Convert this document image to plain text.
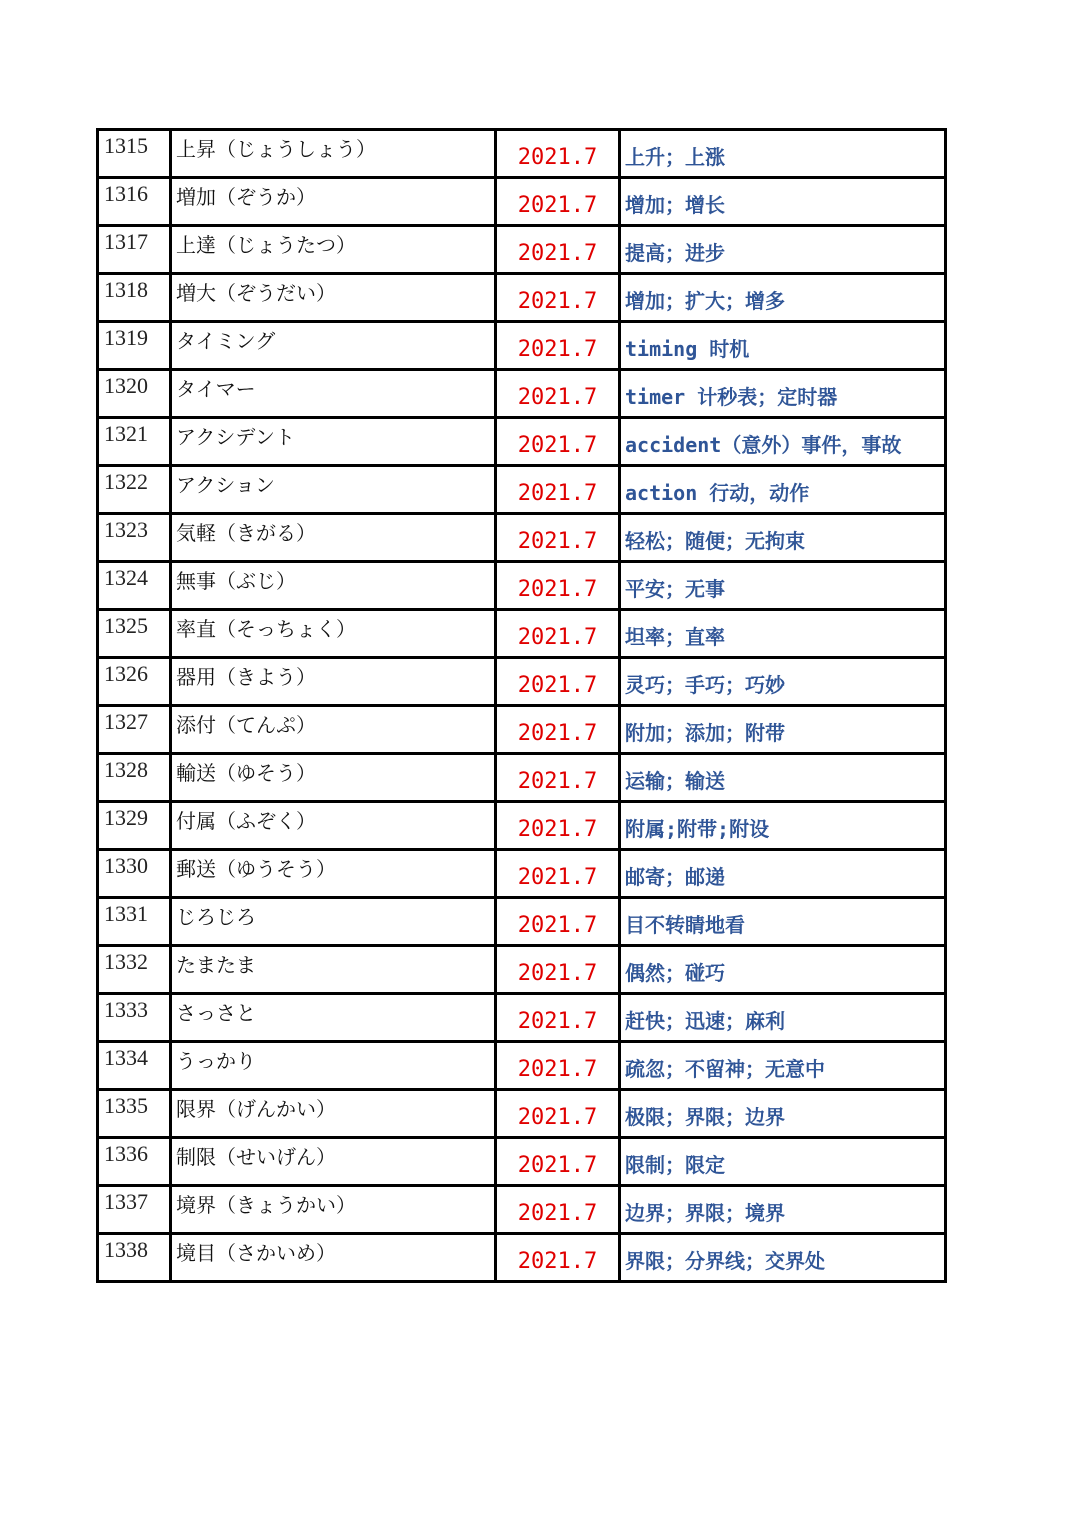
1315	上昇（じょうしょう）	2021.7	上升；上涨
1316	増加（ぞうか）	2021.7	增加；增长
1317	上達（じょうたつ）	2021.7	提高；进步
1318	増大（ぞうだい）	2021.7	增加；扩大；增多
1319	タイミング	2021.7	timing 时机
1320	タイマー	2021.7	timer 计秒表；定时器
1321	アクシデント	2021.7	accident（意外）事件，事故
1322	アクション	2021.7	action 行动，动作
1323	気軽（きがる）	2021.7	轻松；随便；无拘束
1324	無事（ぶじ）	2021.7	平安；无事
1325	率直（そっちょく）	2021.7	坦率；直率
1326	器用（きよう）	2021.7	灵巧；手巧；巧妙
1327	添付（てんぷ）	2021.7	附加；添加；附带
1328	輸送（ゆそう）	2021.7	运输；输送
1329	付属（ふぞく）	2021.7	附属;附带;附设
1330	郵送（ゆうそう）	2021.7	邮寄；邮递
1331	じろじろ	2021.7	目不转睛地看
1332	たまたま	2021.7	偶然；碰巧
1333	さっさと	2021.7	赶快；迅速；麻利
1334	うっかり	2021.7	疏忽；不留神；无意中
1335	限界（げんかい）	2021.7	极限；界限；边界
1336	制限（せいげん）	2021.7	限制；限定
1337	境界（きょうかい）	2021.7	边界；界限；境界
1338	境目（さかいめ）	2021.7	界限；分界线；交界处
